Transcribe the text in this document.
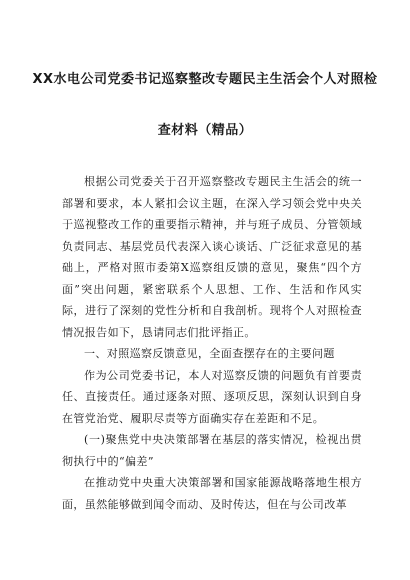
XX水电公司党委书记巡察整改专题民主生活会个人对照检
查材料（精品）

根据公司党委关于召开巡察整改专题民主生活会的统一部署和要求，本人紧扣会议主题，在深入学习领会党中央关于巡视整改工作的重要指示精神，并与班子成员、分管领域负责同志、基层党员代表深入谈心谈话、广泛征求意见的基础上，严格对照市委第X巡察组反馈的意见，聚焦“四个方面”突出问题，紧密联系个人思想、工作、生活和作风实际，进行了深刻的党性分析和自我剖析。现将个人对照检查情况报告如下，恳请同志们批评指正。

一、对照巡察反馈意见，全面查摆存在的主要问题

作为公司党委书记，本人对巡察反馈的问题负有首要责任、直接责任。通过逐条对照、逐项反思，深刻认识到自身在管党治党、履职尽责等方面确实存在差距和不足。

(一)聚焦党中央决策部署在基层的落实情况，检视出贯彻执行中的“偏差”

在推动党中央重大决策部署和国家能源战略落地生根方面，虽然能够做到闻令而动、及时传达，但在与公司改革
